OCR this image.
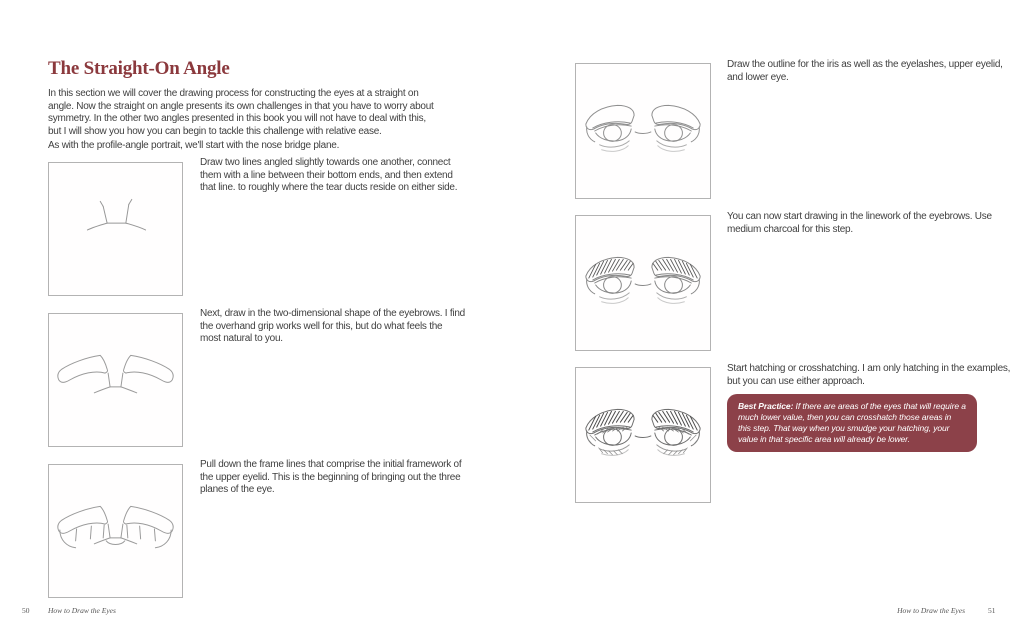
The Straight-On Angle

In this section we will cover the drawing process for constructing the eyes at a straight on angle. Now the straight on angle presents its own challenges in that you have to worry about symmetry. In the other two angles presented in this book you will not have to deal with this, but I will show you how you can begin to tackle this challenge with relative ease.

As with the profile-angle portrait, we'll start with the nose bridge plane.

Draw two lines angled slightly towards one another, connect them with a line between their bottom ends, and then extend that line. to roughly where the tear ducts reside on either side.

Next, draw in the two-dimensional shape of the eyebrows. I find the overhand grip works well for this, but do what feels the most natural to you.

Pull down the frame lines that comprise the initial framework of the upper eyelid. This is the beginning of bringing out the three planes of the eye.

50 How to Draw the Eyes

Draw the outline for the iris as well as the eyelashes, upper eyelid, and lower eye.

You can now start drawing in the linework of the eyebrows. Use medium charcoal for this step.

Start hatching or crosshatching. I am only hatching in the examples, but you can use either approach.

Best Practice: If there are areas of the eyes that will require a much lower value, then you can crosshatch those areas in this step. That way when you smudge your hatching, your value in that specific area will already be lower.
How to Draw the Eyes	51
